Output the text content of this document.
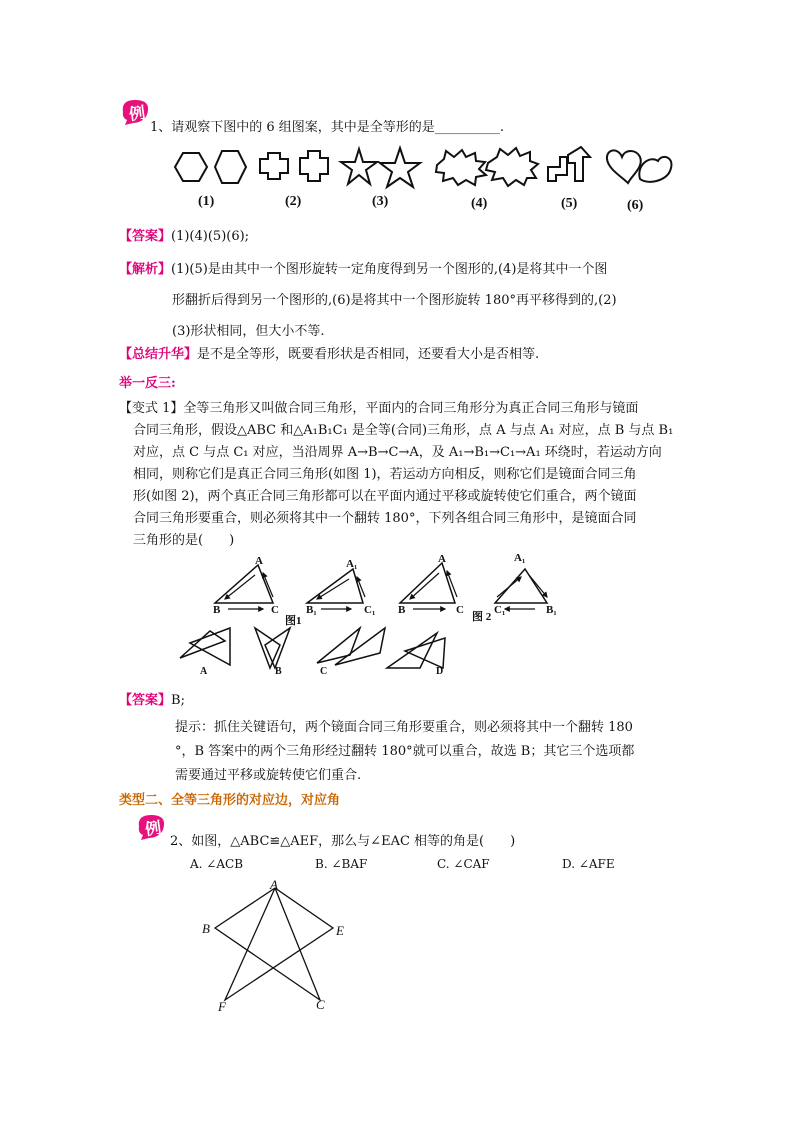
例
1、请观察下图中的 6 组图案，其中是全等形的是__________.
(1)	(2)	(3)	(4)	(5)	(6)
【答案】(1)(4)(5)(6);
【解析】(1)(5)是由其中一个图形旋转一定角度得到另一个图形的,(4)是将其中一个图
形翻折后得到另一个图形的,(6)是将其中一个图形旋转 180°再平移得到的,(2)
(3)形状相同，但大小不等.
【总结升华】是不是全等形，既要看形状是否相同，还要看大小是否相等.
举一反三:
【变式 1】全等三角形又叫做合同三角形，平面内的合同三角形分为真正合同三角形与镜面
合同三角形，假设△ABC 和△A₁B₁C₁ 是全等(合同)三角形，点 A 与点 A₁ 对应，点 B 与点 B₁
对应，点 C 与点 C₁ 对应，当沿周界 A→B→C→A，及 A₁→B₁→C₁→A₁ 环绕时，若运动方向
相同，则称它们是真正合同三角形(如图 1)，若运动方向相反，则称它们是镜面合同三角
形(如图 2)，两个真正合同三角形都可以在平面内通过平移或旋转使它们重合，两个镜面
合同三角形要重合，则必须将其中一个翻转 180°，下列各组合同三角形中，是镜面合同
三角形的是(　　)
A	A₁	A	A₁
B	C B₁	C₁ B	C	C₁	B₁
图1	图 2
A	B	C	D
【答案】B;
提示：抓住关键语句，两个镜面合同三角形要重合，则必须将其中一个翻转 180
°，B 答案中的两个三角形经过翻转 180°就可以重合，故选 B；其它三个选项都
需要通过平移或旋转使它们重合.
类型二、全等三角形的对应边，对应角
例
2、如图，△ABC≌△AEF，那么与∠EAC 相等的角是(　　)
A. ∠ACB	B. ∠BAF	C. ∠CAF	D. ∠AFE
A
B	E
F	C
